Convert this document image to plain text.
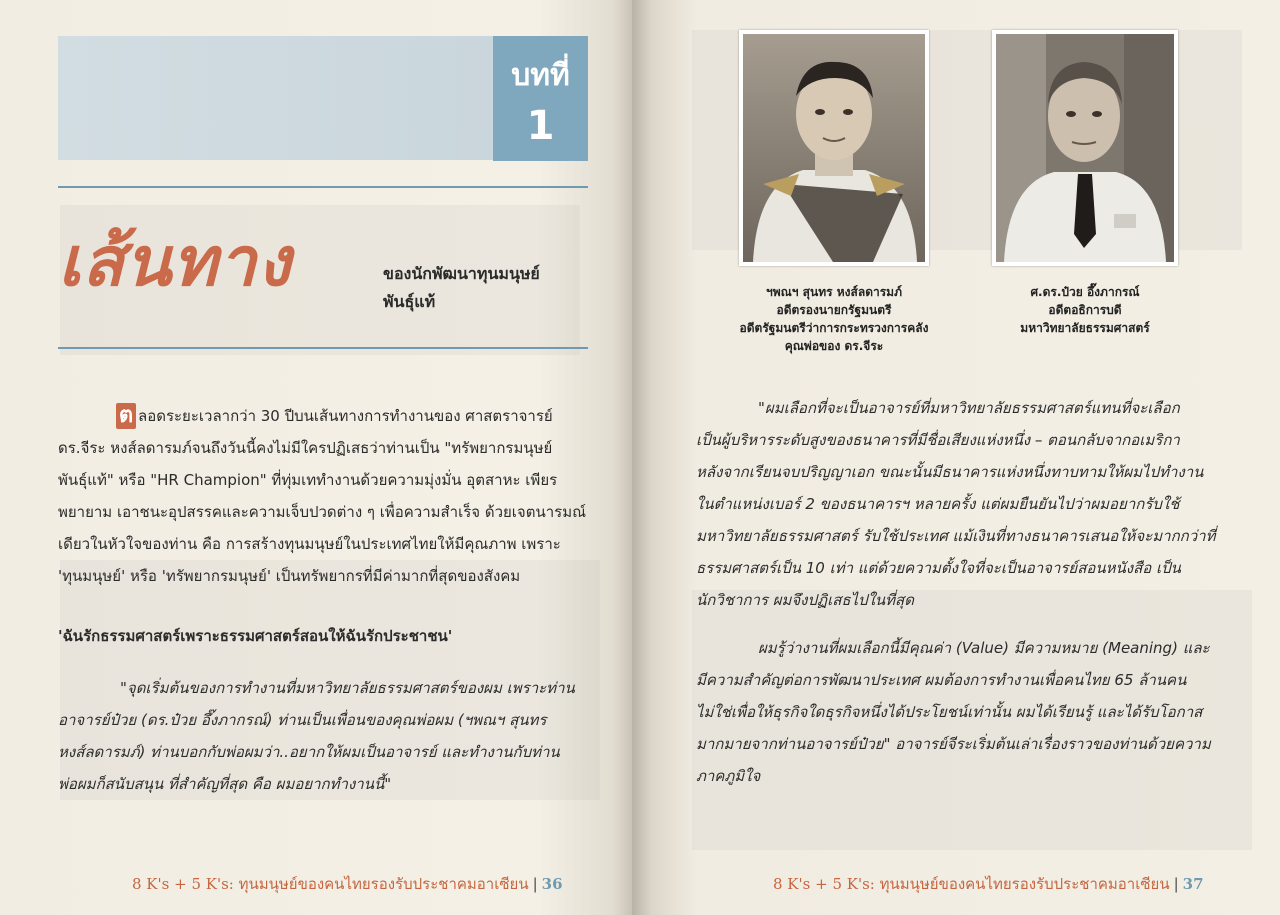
บทที่
1
เส้นทาง	ของนักพัฒนาทุนมนุษย์
พันธุ์แท้
ต ลอดระยะเวลากว่า 30 ปีบนเส้นทางการทำงานของ ศาสตราจารย์
ดร.จีระ หงส์ลดารมภ์จนถึงวันนี้คงไม่มีใครปฏิเสธว่าท่านเป็น "ทรัพยากรมนุษย์
พันธุ์แท้" หรือ "HR Champion" ที่ทุ่มเททำงานด้วยความมุ่งมั่น อุตสาหะ เพียร
พยายาม เอาชนะอุปสรรคและความเจ็บปวดต่าง ๆ เพื่อความสำเร็จ ด้วยเจตนารมณ์
เดียวในหัวใจของท่าน คือ การสร้างทุนมนุษย์ในประเทศไทยให้มีคุณภาพ เพราะ
'ทุนมนุษย์' หรือ 'ทรัพยากรมนุษย์' เป็นทรัพยากรที่มีค่ามากที่สุดของสังคม
'ฉันรักธรรมศาสตร์เพราะธรรมศาสตร์สอนให้ฉันรักประชาชน'
"จุดเริ่มต้นของการทำงานที่มหาวิทยาลัยธรรมศาสตร์ของผม เพราะท่าน
อาจารย์ป๋วย (ดร.ป๋วย อึ๊งภากรณ์) ท่านเป็นเพื่อนของคุณพ่อผม (ฯพณฯ สุนทร
หงส์ลดารมภ์) ท่านบอกกับพ่อผมว่า..อยากให้ผมเป็นอาจารย์ และทำงานกับท่าน
พ่อผมก็สนับสนุน ที่สำคัญที่สุด คือ ผมอยากทำงานนี้"
8 K's + 5 K's: ทุนมนุษย์ของคนไทยรองรับประชาคมอาเซียน | 36
ฯพณฯ สุนทร หงส์ลดารมภ์
อดีตรองนายกรัฐมนตรี
อดีตรัฐมนตรีว่าการกระทรวงการคลัง
คุณพ่อของ ดร.จีระ
ศ.ดร.ป๋วย อึ๊งภากรณ์
อดีตอธิการบดี
มหาวิทยาลัยธรรมศาสตร์
"ผมเลือกที่จะเป็นอาจารย์ที่มหาวิทยาลัยธรรมศาสตร์แทนที่จะเลือก
เป็นผู้บริหารระดับสูงของธนาคารที่มีชื่อเสียงแห่งหนึ่ง – ตอนกลับจากอเมริกา
หลังจากเรียนจบปริญญาเอก ขณะนั้นมีธนาคารแห่งหนึ่งทาบทามให้ผมไปทำงาน
ในตำแหน่งเบอร์ 2 ของธนาคารฯ หลายครั้ง แต่ผมยืนยันไปว่าผมอยากรับใช้
มหาวิทยาลัยธรรมศาสตร์ รับใช้ประเทศ แม้เงินที่ทางธนาคารเสนอให้จะมากกว่าที่
ธรรมศาสตร์เป็น 10 เท่า แต่ด้วยความตั้งใจที่จะเป็นอาจารย์สอนหนังสือ เป็น
นักวิชาการ ผมจึงปฏิเสธไปในที่สุด
ผมรู้ว่างานที่ผมเลือกนี้มีคุณค่า (Value) มีความหมาย (Meaning) และ
มีความสำคัญต่อการพัฒนาประเทศ ผมต้องการทำงานเพื่อคนไทย 65 ล้านคน
ไม่ใช่เพื่อให้ธุรกิจใดธุรกิจหนึ่งได้ประโยชน์เท่านั้น ผมได้เรียนรู้ และได้รับโอกาส
มากมายจากท่านอาจารย์ป๋วย" อาจารย์จีระเริ่มต้นเล่าเรื่องราวของท่านด้วยความ
ภาคภูมิใจ
8 K's + 5 K's: ทุนมนุษย์ของคนไทยรองรับประชาคมอาเซียน | 37
